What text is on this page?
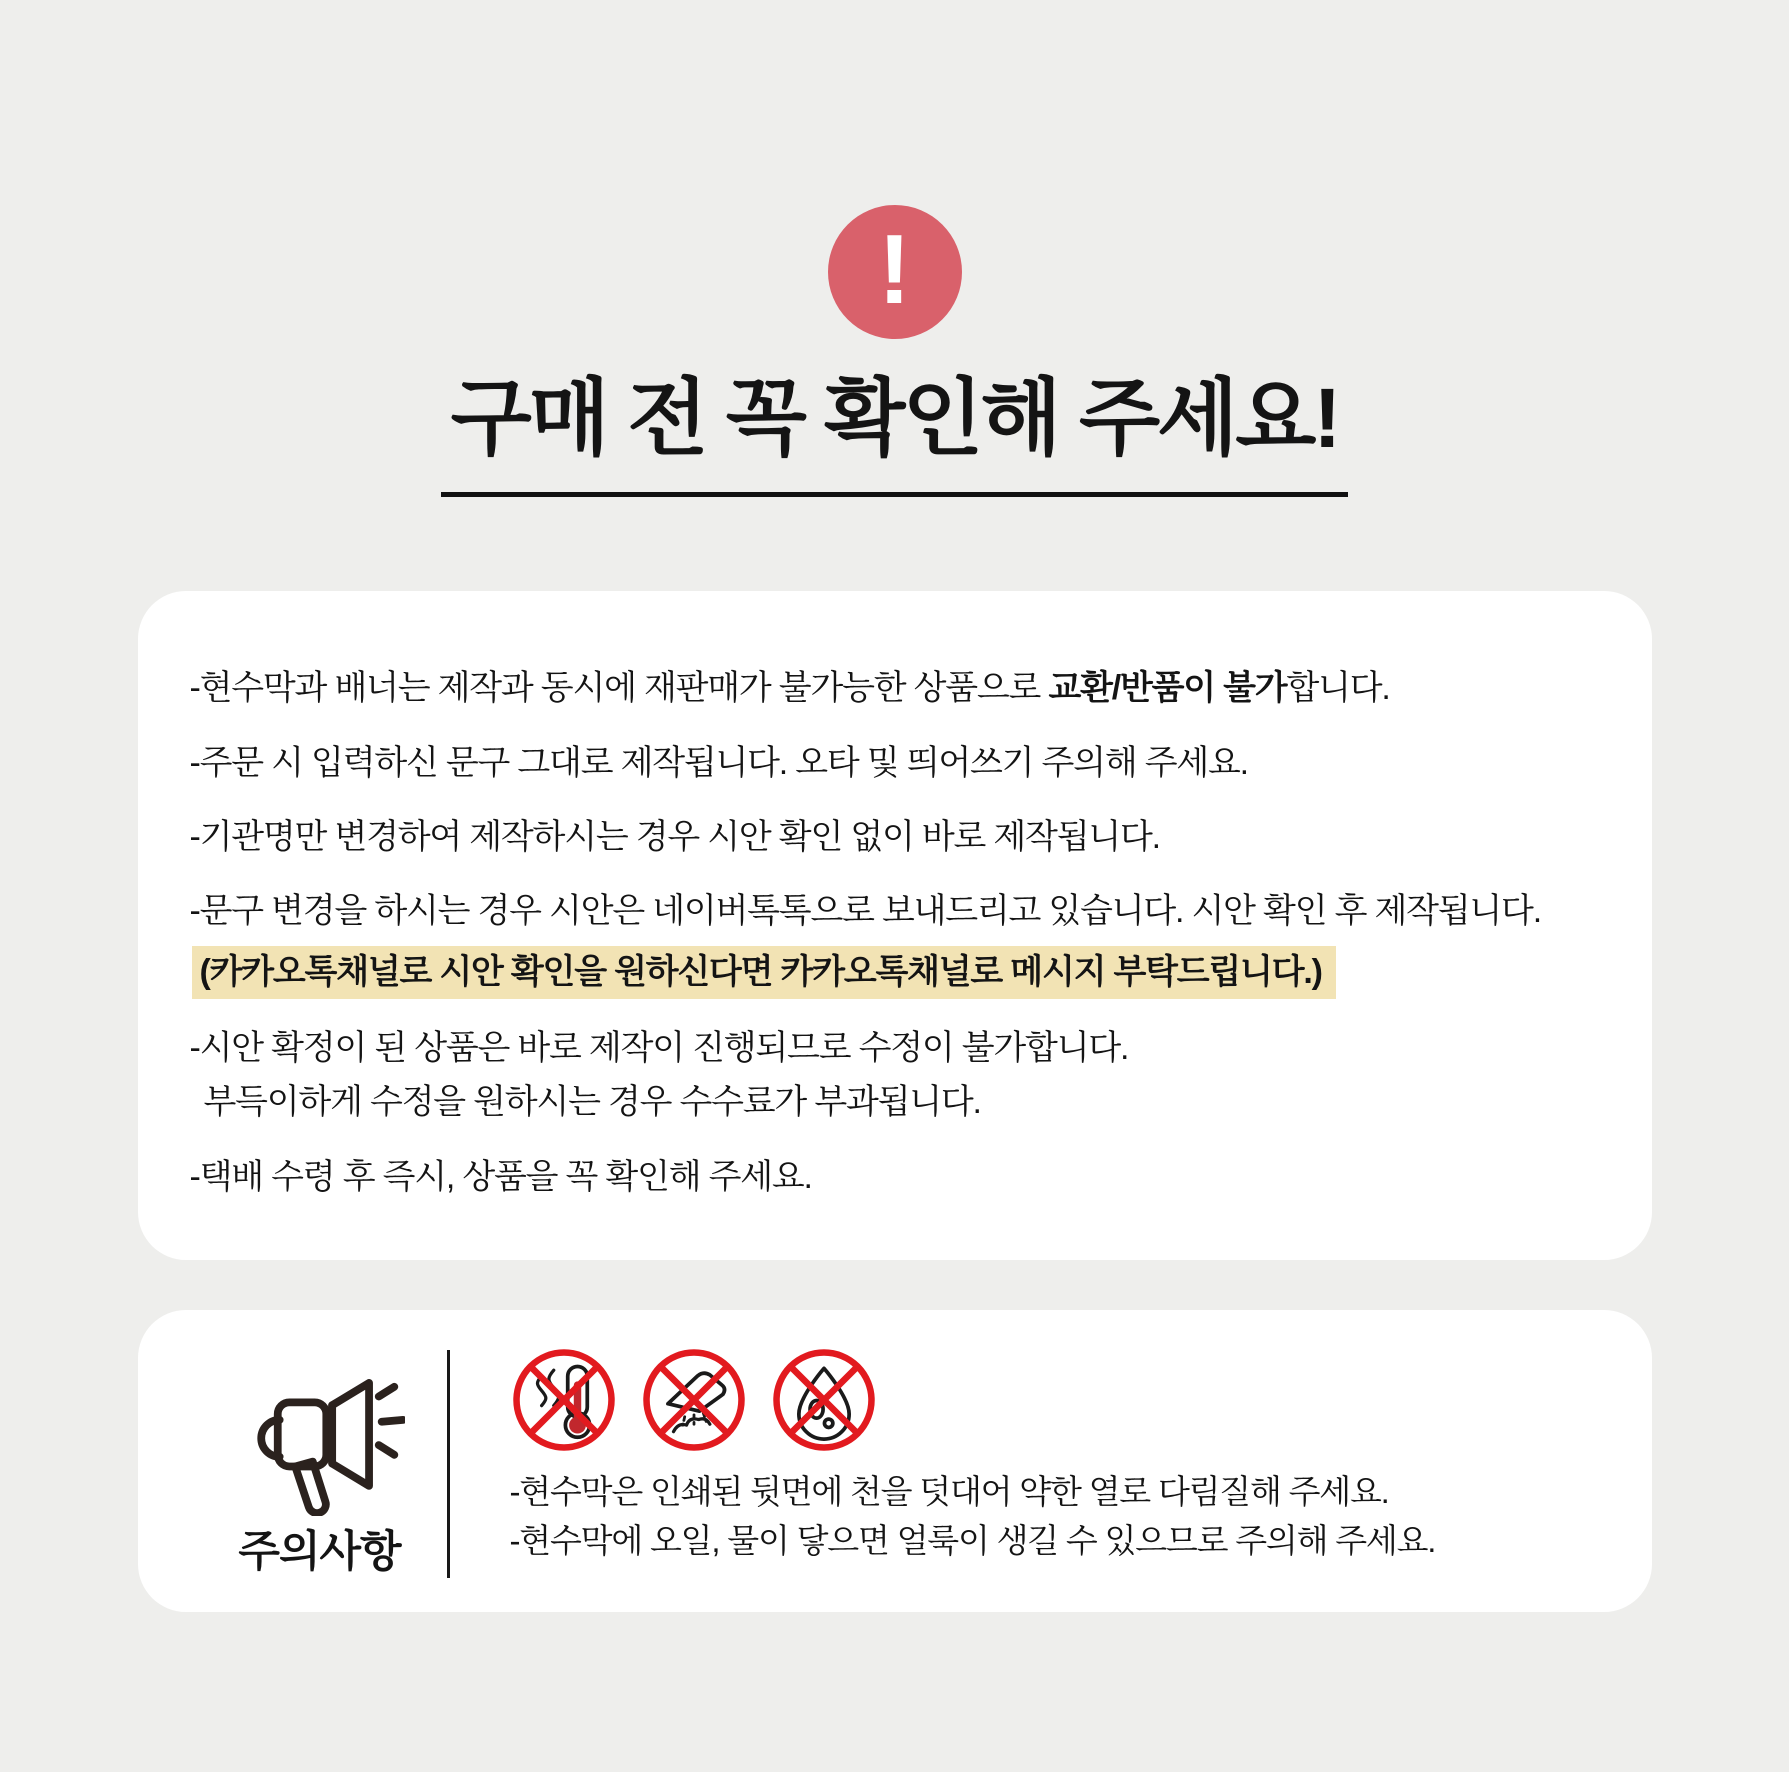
!
구매 전 꼭 확인해 주세요!
-현수막과 배너는 제작과 동시에 재판매가 불가능한 상품으로 교환/반품이 불가합니다.
-주문 시 입력하신 문구 그대로 제작됩니다. 오타 및 띄어쓰기 주의해 주세요.
-기관명만 변경하여 제작하시는 경우 시안 확인 없이 바로 제작됩니다.
-문구 변경을 하시는 경우 시안은 네이버톡톡으로 보내드리고 있습니다. 시안 확인 후 제작됩니다.
(카카오톡채널로 시안 확인을 원하신다면 카카오톡채널로 메시지 부탁드립니다.)
-시안 확정이 된 상품은 바로 제작이 진행되므로 수정이 불가합니다.
부득이하게 수정을 원하시는 경우 수수료가 부과됩니다.
-택배 수령 후 즉시, 상품을 꼭 확인해 주세요.
주의사항
-현수막은 인쇄된 뒷면에 천을 덧대어 약한 열로 다림질해 주세요.
-현수막에 오일, 물이 닿으면 얼룩이 생길 수 있으므로 주의해 주세요.
